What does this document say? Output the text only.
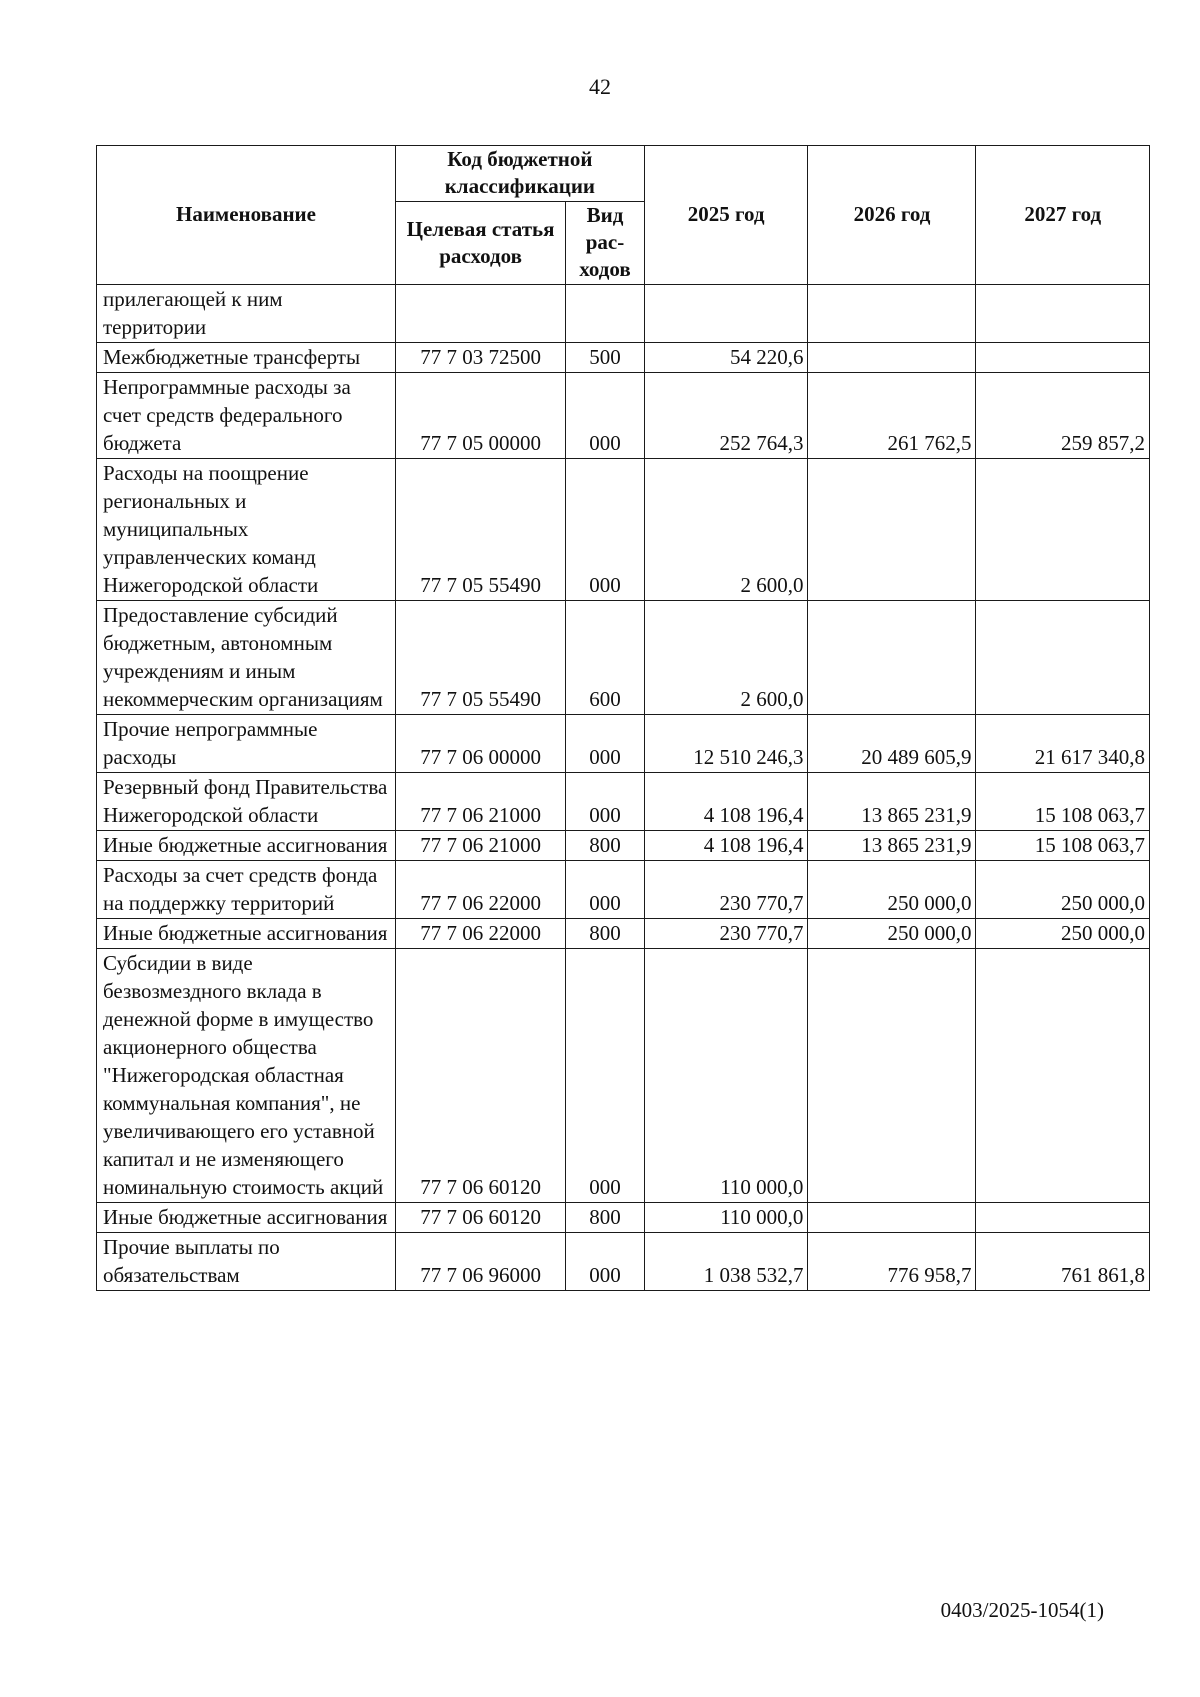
42
Наименование	Код бюджетной классификации		2025 год	2026 год	2027 год
	Целевая статья расходов	Вид рас-ходов			
прилегающей к ним территории					
Межбюджетные трансферты	77 7 03 72500	500	54 220,6		
Непрограммные расходы за счет средств федерального бюджета	77 7 05 00000	000	252 764,3	261 762,5	259 857,2
Расходы на поощрение региональных и муниципальных управленческих команд Нижегородской области	77 7 05 55490	000	2 600,0		
Предоставление субсидий бюджетным, автономным учреждениям и иным некоммерческим организациям	77 7 05 55490	600	2 600,0		
Прочие непрограммные расходы	77 7 06 00000	000	12 510 246,3	20 489 605,9	21 617 340,8
Резервный фонд Правительства Нижегородской области	77 7 06 21000	000	4 108 196,4	13 865 231,9	15 108 063,7
Иные бюджетные ассигнования	77 7 06 21000	800	4 108 196,4	13 865 231,9	15 108 063,7
Расходы за счет средств фонда на поддержку территорий	77 7 06 22000	000	230 770,7	250 000,0	250 000,0
Иные бюджетные ассигнования	77 7 06 22000	800	230 770,7	250 000,0	250 000,0
Субсидии в виде безвозмездного вклада в денежной форме в имущество акционерного общества "Нижегородская областная коммунальная компания", не увеличивающего его уставной капитал и не изменяющего номинальную стоимость акций	77 7 06 60120	000	110 000,0		
Иные бюджетные ассигнования	77 7 06 60120	800	110 000,0		
Прочие выплаты по обязательствам	77 7 06 96000	000	1 038 532,7	776 958,7	761 861,8
0403/2025-1054(1)
